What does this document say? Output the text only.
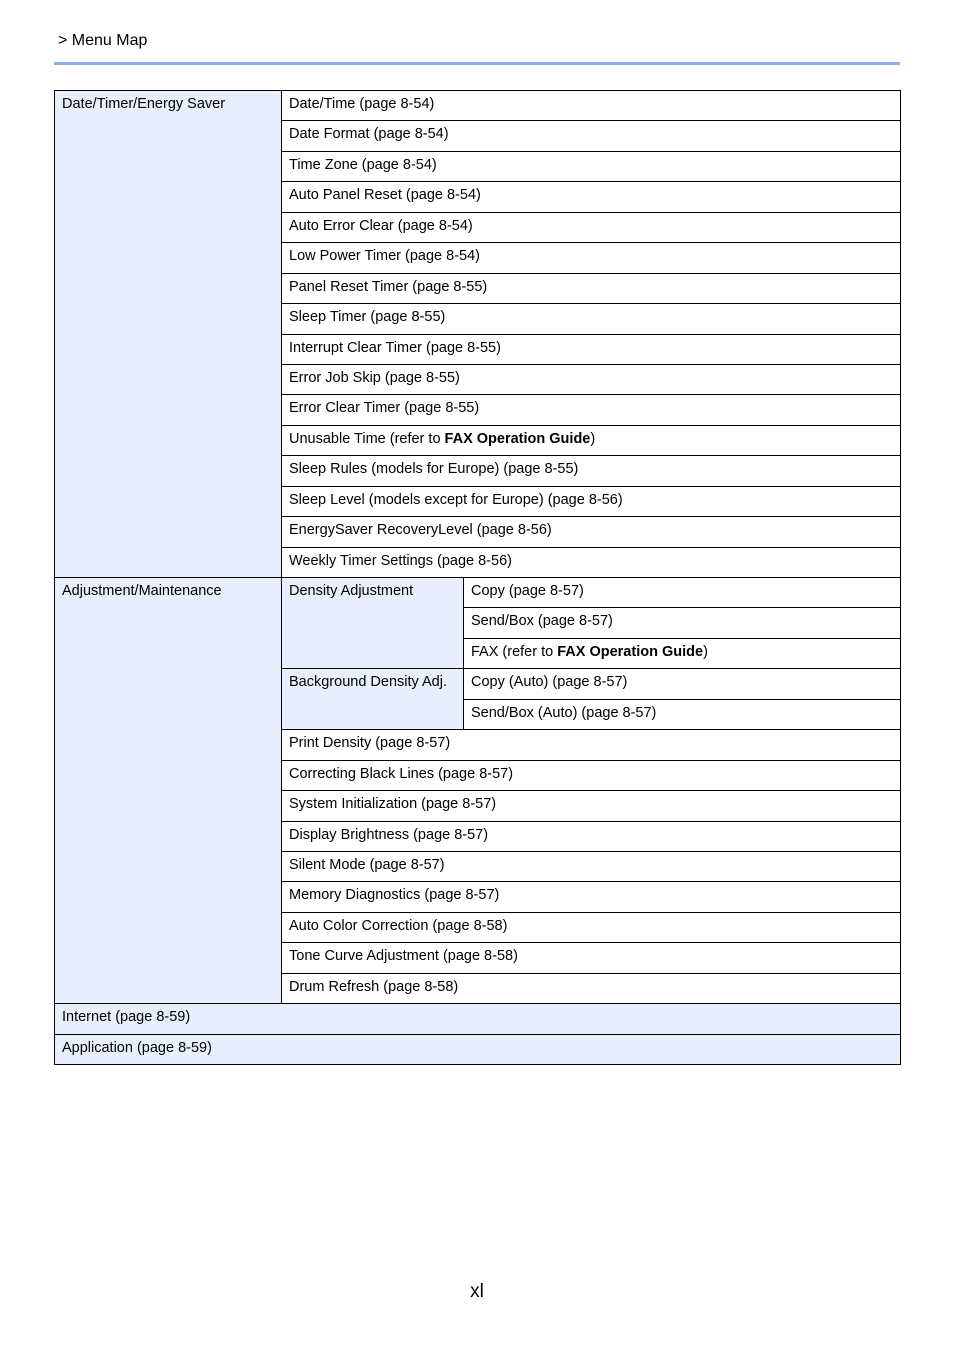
> Menu Map
Date/Timer/Energy Saver	Date/Time (page 8-54)	
	Date Format (page 8-54)	
	Time Zone (page 8-54)	
	Auto Panel Reset (page 8-54)	
	Auto Error Clear (page 8-54)	
	Low Power Timer (page 8-54)	
	Panel Reset Timer (page 8-55)	
	Sleep Timer (page 8-55)	
	Interrupt Clear Timer (page 8-55)	
	Error Job Skip (page 8-55)	
	Error Clear Timer (page 8-55)	
	Unusable Time (refer to FAX Operation Guide)	
	Sleep Rules (models for Europe) (page 8-55)	
	Sleep Level (models except for Europe) (page 8-56)	
	EnergySaver RecoveryLevel (page 8-56)	
	Weekly Timer Settings (page 8-56)	
Adjustment/Maintenance	Density Adjustment	Copy (page 8-57)
		Send/Box (page 8-57)
		FAX (refer to FAX Operation Guide)
	Background Density Adj.	Copy (Auto) (page 8-57)
		Send/Box (Auto) (page 8-57)
	Print Density (page 8-57)	
	Correcting Black Lines (page 8-57)	
	System Initialization (page 8-57)	
	Display Brightness (page 8-57)	
	Silent Mode (page 8-57)	
	Memory Diagnostics (page 8-57)	
	Auto Color Correction (page 8-58)	
	Tone Curve Adjustment (page 8-58)	
	Drum Refresh (page 8-58)	
Internet (page 8-59)		
Application (page 8-59)		
xl
